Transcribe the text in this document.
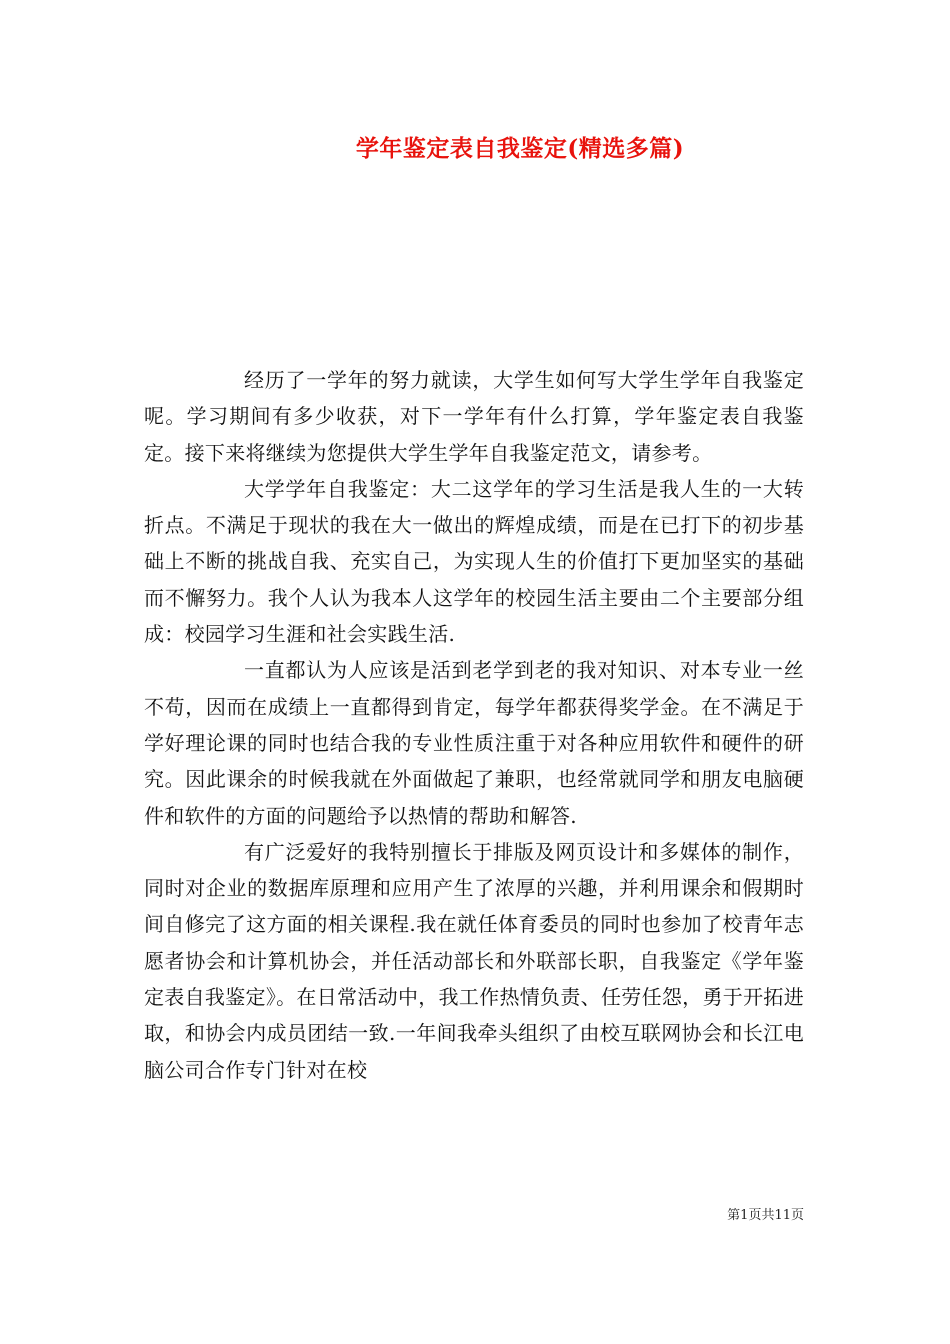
学年鉴定表自我鉴定(精选多篇)

经历了一学年的努力就读，大学生如何写大学生学年自我鉴定呢。学习期间有多少收获，对下一学年有什么打算，学年鉴定表自我鉴定。接下来将继续为您提供大学生学年自我鉴定范文，请参考。

大学学年自我鉴定：大二这学年的学习生活是我人生的一大转折点。不满足于现状的我在大一做出的辉煌成绩，而是在已打下的初步基础上不断的挑战自我、充实自己，为实现人生的价值打下更加坚实的基础而不懈努力。我个人认为我本人这学年的校园生活主要由二个主要部分组成：校园学习生涯和社会实践生活.

一直都认为人应该是活到老学到老的我对知识、对本专业一丝不苟，因而在成绩上一直都得到肯定，每学年都获得奖学金。在不满足于学好理论课的同时也结合我的专业性质注重于对各种应用软件和硬件的研究。因此课余的时候我就在外面做起了兼职，也经常就同学和朋友电脑硬件和软件的方面的问题给予以热情的帮助和解答.

有广泛爱好的我特别擅长于排版及网页设计和多媒体的制作，同时对企业的数据库原理和应用产生了浓厚的兴趣，并利用课余和假期时间自修完了这方面的相关课程.我在就任体育委员的同时也参加了校青年志愿者协会和计算机协会，并任活动部长和外联部长职，自我鉴定《学年鉴定表自我鉴定》。在日常活动中，我工作热情负责、任劳任怨，勇于开拓进取，和协会内成员团结一致.一年间我牵头组织了由校互联网协会和长江电脑公司合作专门针对在校

第1页共11页
